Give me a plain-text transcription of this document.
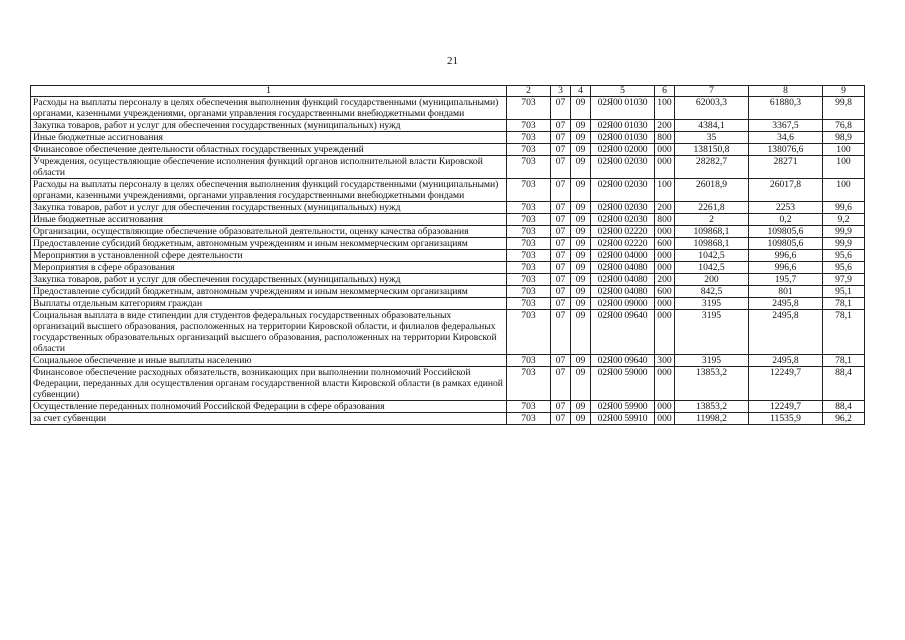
21
1	2	3	4	5	6	7	8	9
Расходы на выплаты персоналу в целях обеспечения выполнения функций государственными (муниципальными) органами, казенными учреждениями, органами управления государственными внебюджетными фондами	703	07	09	02Я00 01030	100	62003,3	61880,3	99,8
Закупка товаров, работ и услуг для обеспечения государственных (муниципальных) нужд	703	07	09	02Я00 01030	200	4384,1	3367,5	76,8
Иные бюджетные ассигнования	703	07	09	02Я00 01030	800	35	34,6	98,9
Финансовое обеспечение деятельности областных государственных учреждений	703	07	09	02Я00 02000	000	138150,8	138076,6	100
Учреждения, осуществляющие обеспечение исполнения функций органов исполнительной власти Кировской области	703	07	09	02Я00 02030	000	28282,7	28271	100
Расходы на выплаты персоналу в целях обеспечения выполнения функций государственными (муниципальными) органами, казенными учреждениями, органами управления государственными внебюджетными фондами	703	07	09	02Я00 02030	100	26018,9	26017,8	100
Закупка товаров, работ и услуг для обеспечения государственных (муниципальных) нужд	703	07	09	02Я00 02030	200	2261,8	2253	99,6
Иные бюджетные ассигнования	703	07	09	02Я00 02030	800	2	0,2	9,2
Организации, осуществляющие обеспечение образовательной деятельности, оценку качества образования	703	07	09	02Я00 02220	000	109868,1	109805,6	99,9
Предоставление субсидий бюджетным, автономным учреждениям и иным некоммерческим организациям	703	07	09	02Я00 02220	600	109868,1	109805,6	99,9
Мероприятия в установленной сфере деятельности	703	07	09	02Я00 04000	000	1042,5	996,6	95,6
Мероприятия в сфере образования	703	07	09	02Я00 04080	000	1042,5	996,6	95,6
Закупка товаров, работ и услуг для обеспечения государственных (муниципальных) нужд	703	07	09	02Я00 04080	200	200	195,7	97,9
Предоставление субсидий бюджетным, автономным учреждениям и иным некоммерческим организациям	703	07	09	02Я00 04080	600	842,5	801	95,1
Выплаты отдельным категориям граждан	703	07	09	02Я00 09000	000	3195	2495,8	78,1
Социальная выплата в виде стипендии для студентов федеральных государственных образовательных организаций высшего образования, расположенных на территории Кировской области, и филиалов федеральных государственных образовательных организаций высшего образования, расположенных на территории Кировской области	703	07	09	02Я00 09640	000	3195	2495,8	78,1
Социальное обеспечение и иные выплаты населению	703	07	09	02Я00 09640	300	3195	2495,8	78,1
Финансовое обеспечение расходных обязательств, возникающих при выполнении полномочий Российской Федерации, переданных для осуществления органам государственной власти Кировской области (в рамках единой субвенции)	703	07	09	02Я00 59000	000	13853,2	12249,7	88,4
Осуществление переданных полномочий Российской Федерации в сфере образования	703	07	09	02Я00 59900	000	13853,2	12249,7	88,4
за счет субвенции	703	07	09	02Я00 59910	000	11998,2	11535,9	96,2
